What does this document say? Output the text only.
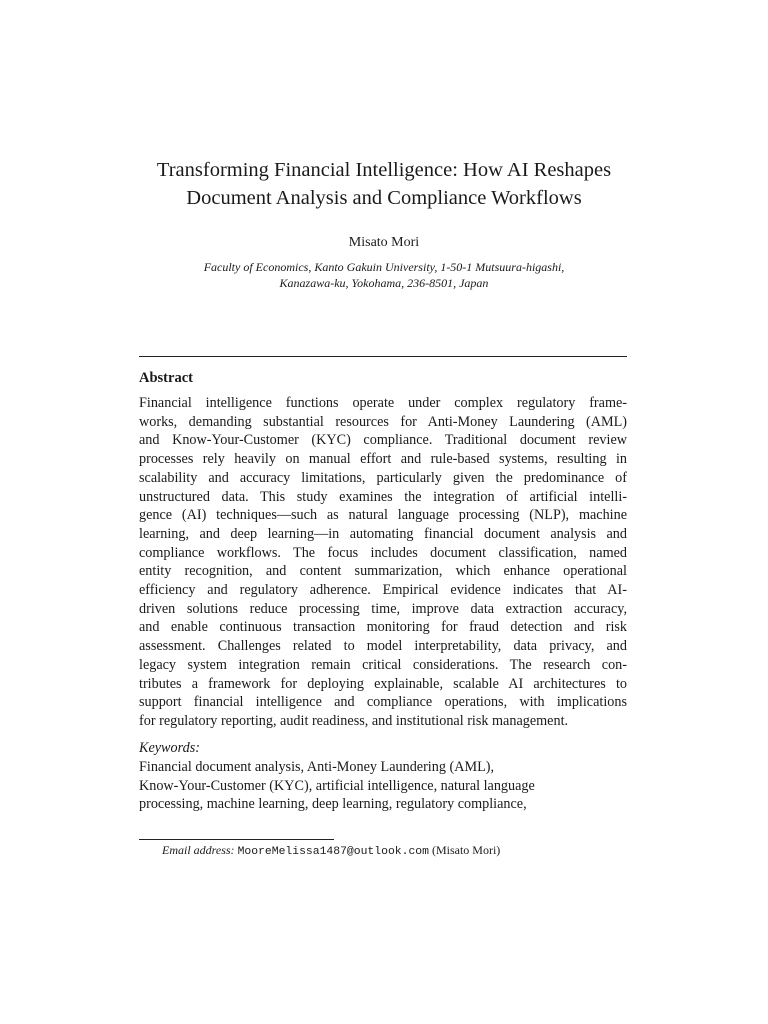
Transforming Financial Intelligence: How AI Reshapes
Document Analysis and Compliance Workflows
Misato Mori
Faculty of Economics, Kanto Gakuin University, 1-50-1 Mutsuura-higashi,
Kanazawa-ku, Yokohama, 236-8501, Japan
Abstract
Financial intelligence functions operate under complex regulatory frame-
works, demanding substantial resources for Anti-Money Laundering (AML)
and Know-Your-Customer (KYC) compliance. Traditional document review
processes rely heavily on manual effort and rule-based systems, resulting in
scalability and accuracy limitations, particularly given the predominance of
unstructured data. This study examines the integration of artificial intelli-
gence (AI) techniques—such as natural language processing (NLP), machine
learning, and deep learning—in automating financial document analysis and
compliance workflows. The focus includes document classification, named
entity recognition, and content summarization, which enhance operational
efficiency and regulatory adherence. Empirical evidence indicates that AI-
driven solutions reduce processing time, improve data extraction accuracy,
and enable continuous transaction monitoring for fraud detection and risk
assessment. Challenges related to model interpretability, data privacy, and
legacy system integration remain critical considerations. The research con-
tributes a framework for deploying explainable, scalable AI architectures to
support financial intelligence and compliance operations, with implications
for regulatory reporting, audit readiness, and institutional risk management.
Keywords:
Financial document analysis, Anti-Money Laundering (AML),
Know-Your-Customer (KYC), artificial intelligence, natural language
processing, machine learning, deep learning, regulatory compliance,
Email address: MooreMelissa1487@outlook.com (Misato Mori)
